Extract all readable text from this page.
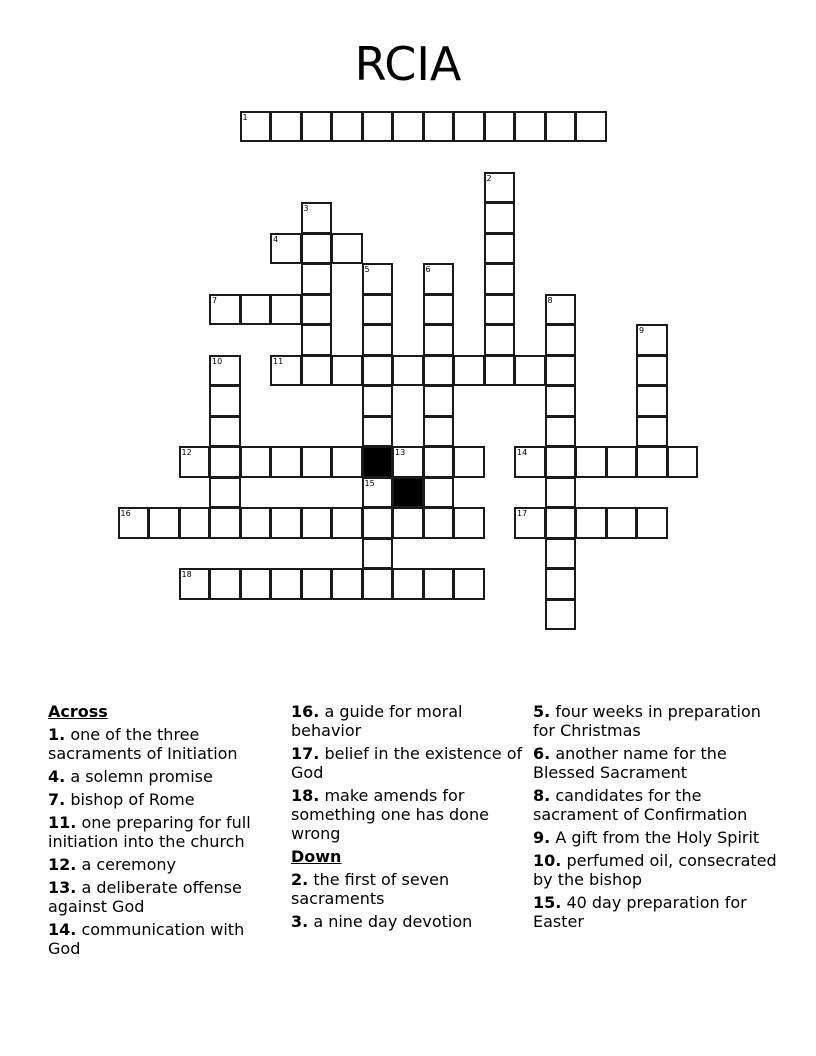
RCIA
1
2
3
4
5	6
7	8
9
10	11
12	13	14
15
16	17
18
Across
1. one of the three sacraments of Initiation
4. a solemn promise
7. bishop of Rome
11. one preparing for full initiation into the church
12. a ceremony
13. a deliberate offense against God
14. communication with God
16. a guide for moral behavior
17. belief in the existence of God
18. make amends for something one has done wrong
Down
2. the first of seven sacraments
3. a nine day devotion
5. four weeks in preparation for Christmas
6. another name for the Blessed Sacrament
8. candidates for the sacrament of Confirmation
9. A gift from the Holy Spirit
10. perfumed oil, consecrated by the bishop
15. 40 day preparation for Easter
